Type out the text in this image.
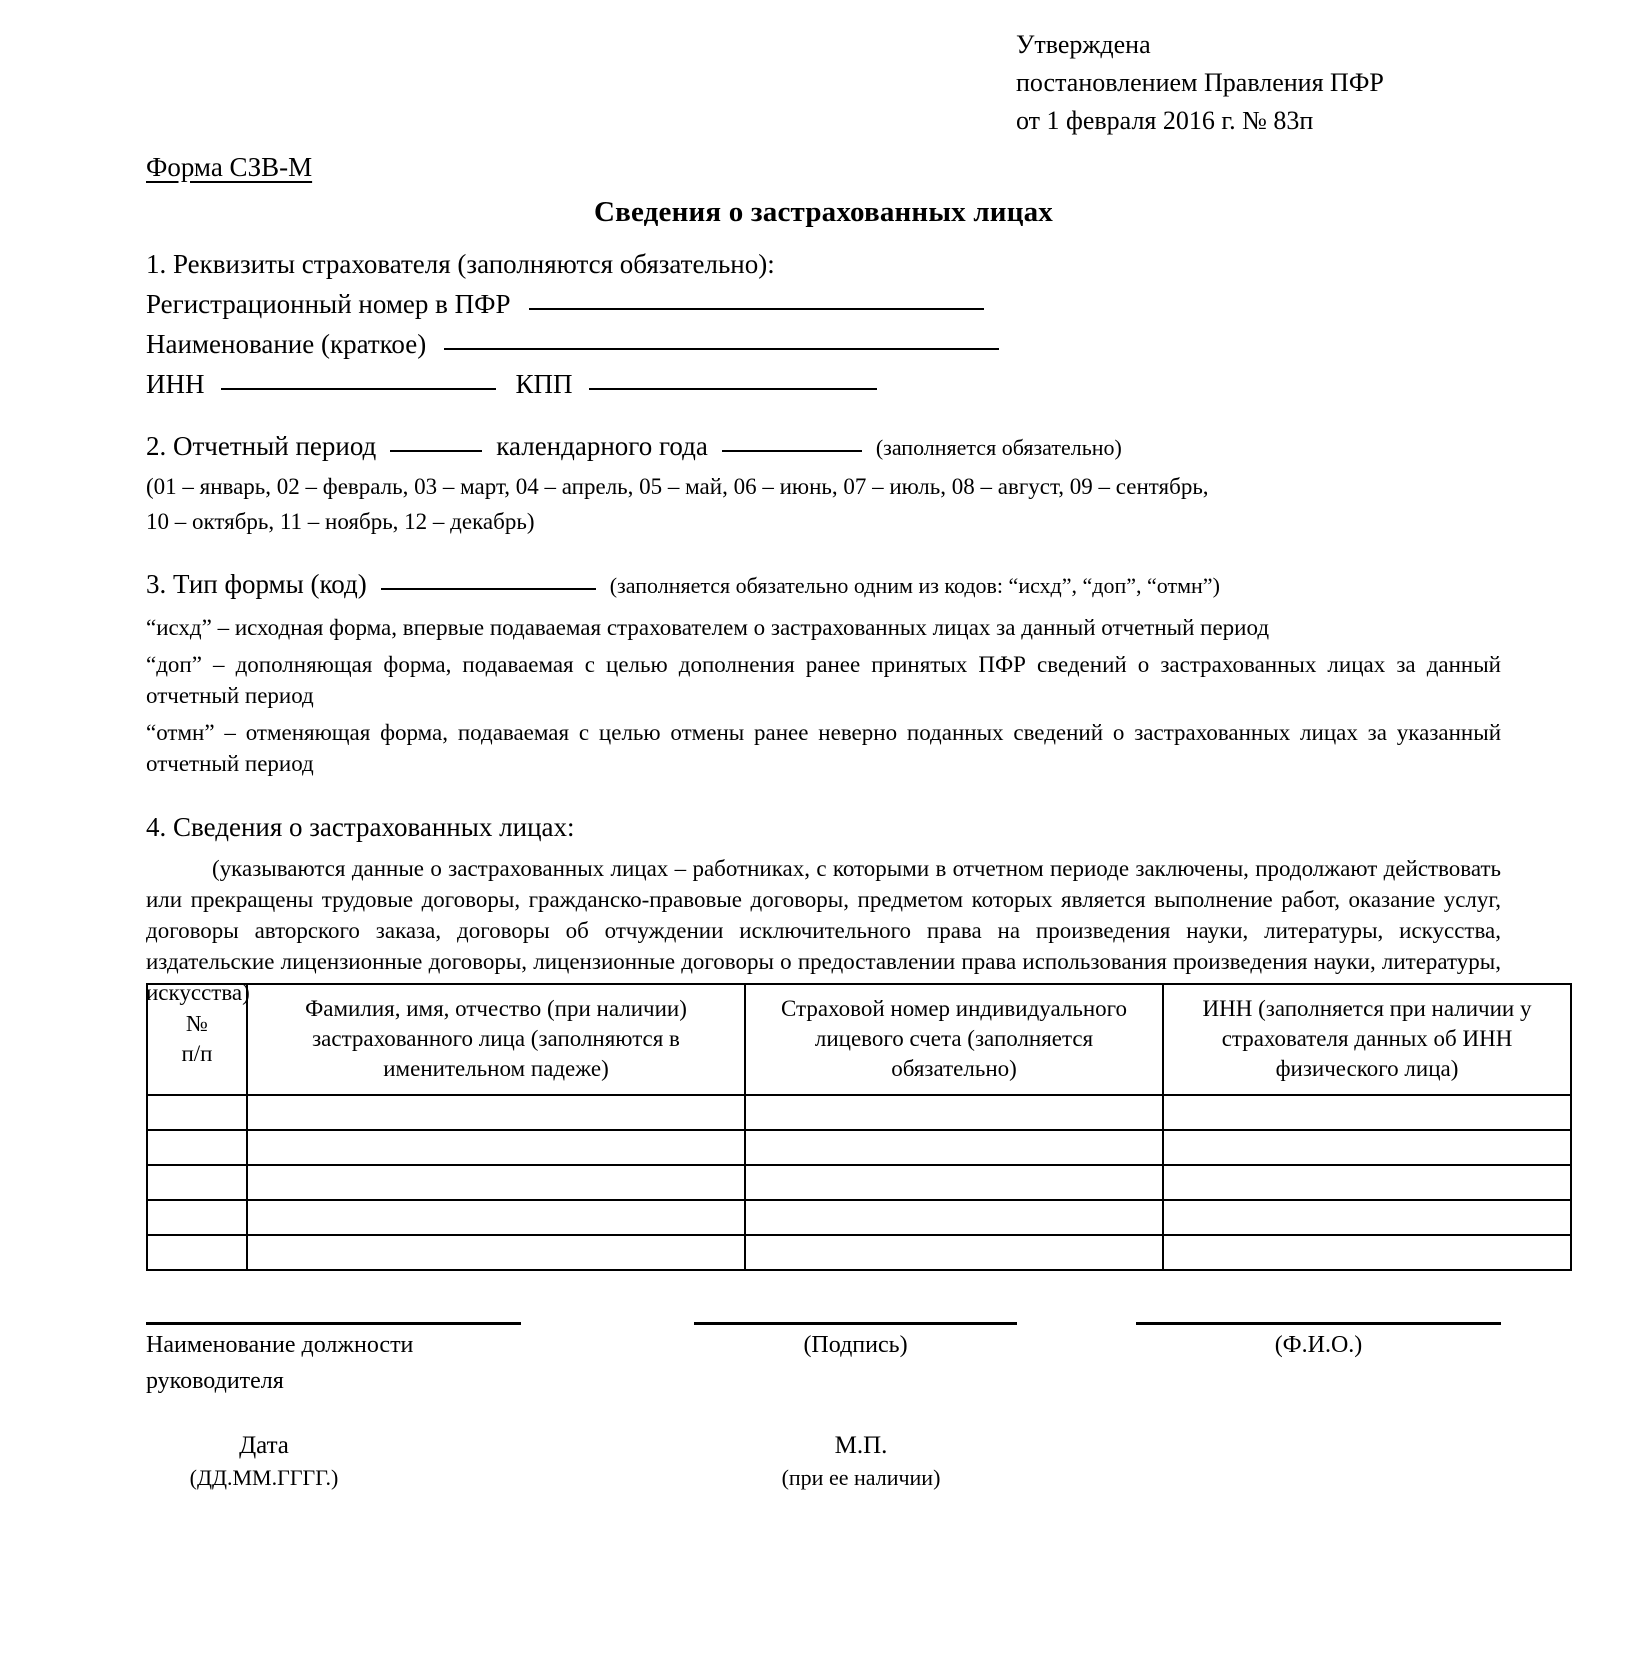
Утверждена
постановлением Правления ПФР
от 1 февраля 2016 г. № 83п
Форма СЗВ-М
Сведения о застрахованных лицах
1. Реквизиты страхователя (заполняются обязательно):
Регистрационный номер в ПФР
Наименование (краткое)
ИНН	КПП
2. Отчетный период	календарного года	(заполняется обязательно)
(01 – январь, 02 – февраль, 03 – март, 04 – апрель, 05 – май, 06 – июнь, 07 – июль, 08 – август, 09 – сентябрь,
10 – октябрь, 11 – ноябрь, 12 – декабрь)
3. Тип формы (код)	(заполняется обязательно одним из кодов: “исхд”, “доп”, “отмн”)
“исхд” – исходная форма, впервые подаваемая страхователем о застрахованных лицах за данный отчетный период
“доп” – дополняющая форма, подаваемая с целью дополнения ранее принятых ПФР сведений о застрахованных лицах за данный отчетный период
“отмн” – отменяющая форма, подаваемая с целью отмены ранее неверно поданных сведений о застрахованных лицах за указанный отчетный период
4. Сведения о застрахованных лицах:
(указываются данные о застрахованных лицах – работниках, с которыми в отчетном периоде заключены, продолжают действовать или прекращены трудовые договоры, гражданско-правовые договоры, предметом которых является выполнение работ, оказание услуг, договоры авторского заказа, договоры об отчуждении исключительного права на произведения науки, литературы, искусства, издательские лицензионные договоры, лицензионные договоры о предоставлении права использования произведения науки, литературы, искусства)
№
п/п	Фамилия, имя, отчество (при наличии) застрахованного лица (заполняются в именительном падеже)	Страховой номер индивидуального лицевого счета (заполняется обязательно)	ИНН (заполняется при наличии у страхователя данных об ИНН физического лица)

Наименование должности
руководителя
(Подпись)	(Ф.И.О.)
Дата
(ДД.ММ.ГГГГ.)
М.П.
(при ее наличии)
